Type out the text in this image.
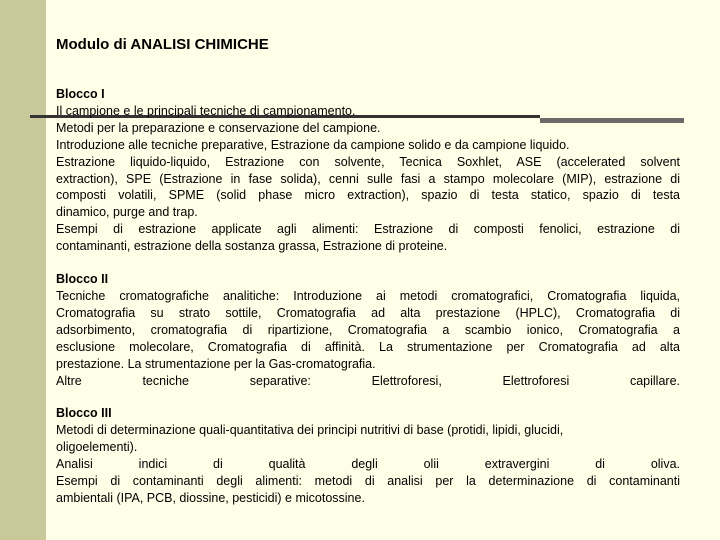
Modulo di ANALISI CHIMICHE
Blocco I
Il campione e le principali tecniche di campionamento.
Metodi per la preparazione e conservazione del campione.
Introduzione alle tecniche preparative, Estrazione da campione solido e da campione liquido.
Estrazione liquido-liquido, Estrazione con solvente, Tecnica Soxhlet, ASE (accelerated solvent
extraction), SPE (Estrazione in fase solida), cenni sulle fasi a stampo molecolare (MIP), estrazione di
composti volatili, SPME (solid phase micro extraction), spazio di testa statico, spazio di testa
dinamico, purge and trap.
Esempi di estrazione applicate agli alimenti: Estrazione di composti fenolici, estrazione di
contaminanti, estrazione della sostanza grassa, Estrazione di proteine.
Blocco II
Tecniche cromatografiche analitiche: Introduzione ai metodi cromatografici, Cromatografia liquida,
Cromatografia su strato sottile, Cromatografia ad alta prestazione (HPLC), Cromatografia di
adsorbimento, cromatografia di ripartizione, Cromatografia a scambio ionico, Cromatografia a
esclusione molecolare, Cromatografia di affinità. La strumentazione per Cromatografia ad alta
prestazione. La strumentazione per la Gas-cromatografia.
Altre tecniche separative: Elettroforesi, Elettroforesi capillare.
Blocco III
Metodi di determinazione quali-quantitativa dei principi nutritivi di base (protidi, lipidi, glucidi,
oligoelementi).
Analisi indici di qualità degli olii extravergini di oliva.
Esempi di contaminanti degli alimenti: metodi di analisi per la determinazione di contaminanti
ambientali (IPA, PCB, diossine, pesticidi) e micotossine.
